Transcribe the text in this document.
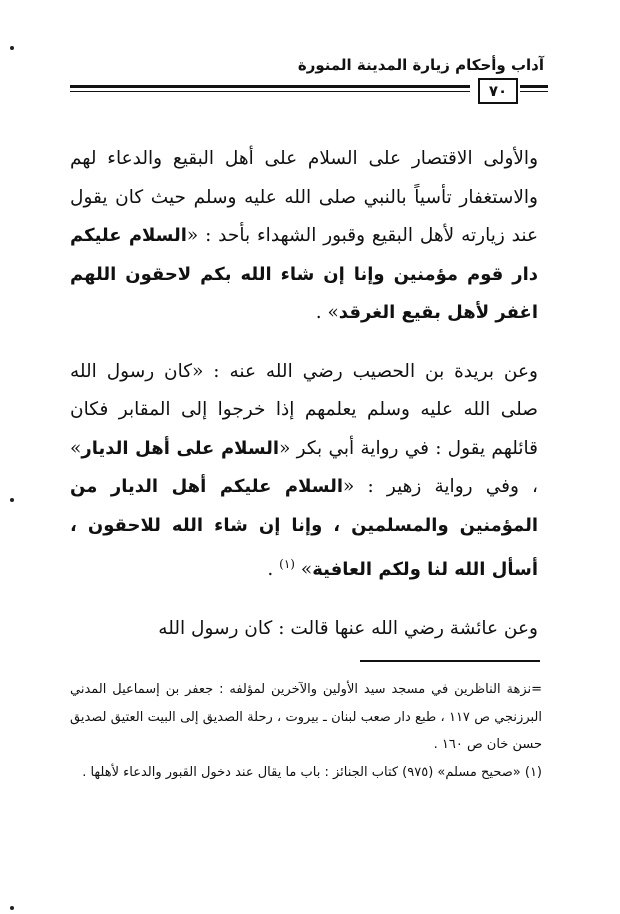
آداب وأحكام زيارة المدينة المنورة
٧٠

والأولى الاقتصار على السلام على أهل البقيع والدعاء لهم والاستغفار تأسياً بالنبي صلى الله عليه وسلم حيث كان يقول عند زيارته لأهل البقيع وقبور الشهداء بأحد : «السلام عليكم دار قوم مؤمنين وإنا إن شاء الله بكم لاحقون اللهم اغفر لأهل بقيع الغرقد» .

وعن بريدة بن الحصيب رضي الله عنه : «كان رسول الله صلى الله عليه وسلم يعلمهم إذا خرجوا إلى المقابر فكان قائلهم يقول : في رواية أبي بكر «السلام على أهل الديار» ، وفي رواية زهير : «السلام عليكم أهل الديار من المؤمنين والمسلمين ، وإنا إن شاء الله للاحقون ، أسأل الله لنا ولكم العافية» $^{(١)}$ .

وعن عائشة رضي الله عنها قالت : كان رسول الله

=نزهة الناظرين في مسجد سيد الأولين والآخرين لمؤلفه : جعفر بن إسماعيل المدني البرزنجي ص ١١٧ ، طبع دار صعب لبنان ـ بيروت ، رحلة الصديق إلى البيت العتيق لصديق حسن خان ص ١٦٠ .

(١) «صحيح مسلم» (٩٧٥) كتاب الجنائز : باب ما يقال عند دخول القبور والدعاء لأهلها .
